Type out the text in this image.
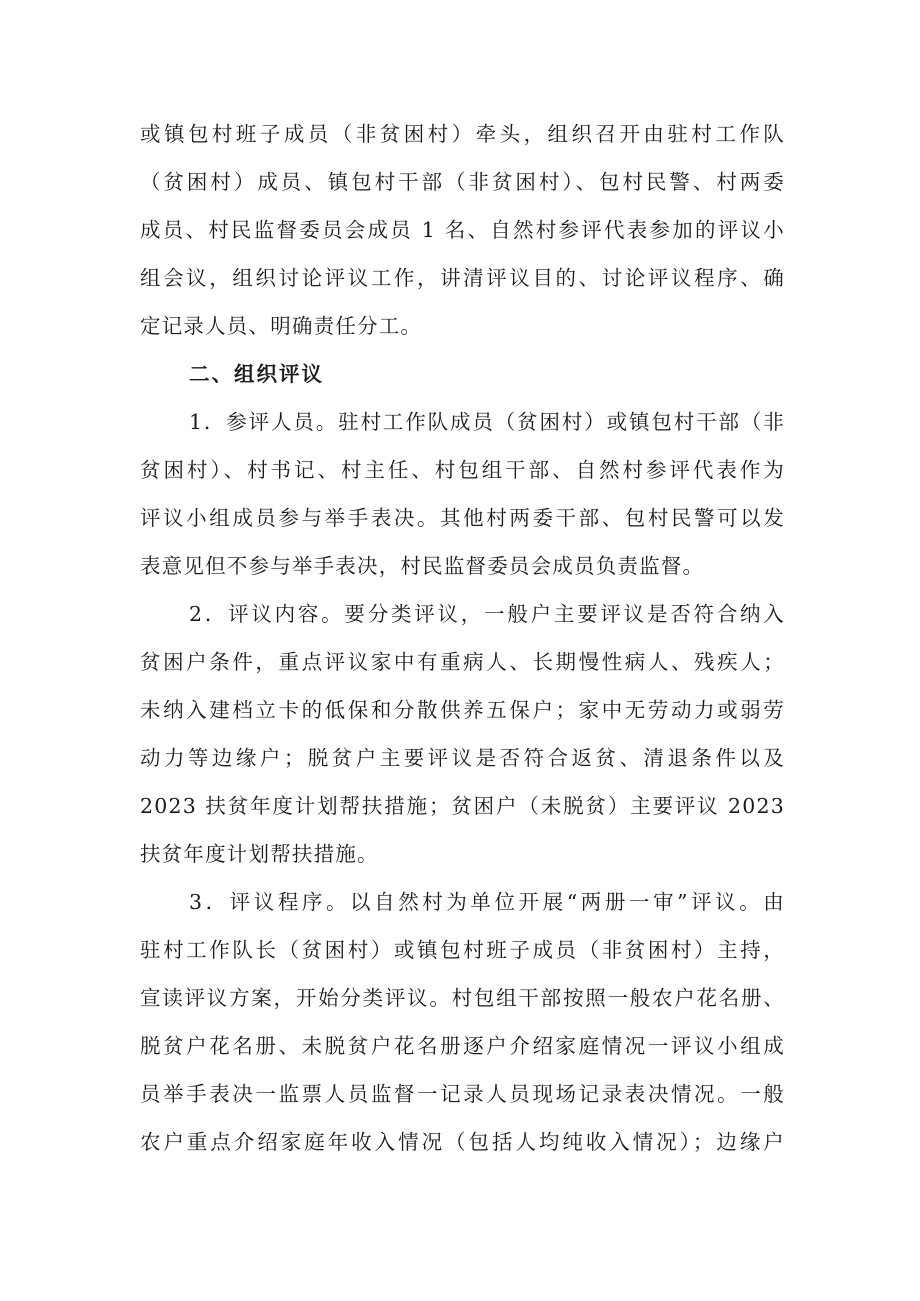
或镇包村班子成员（非贫困村）牵头，组织召开由驻村工作队
（贫困村）成员、镇包村干部（非贫困村）、包村民警、村两委
成员、村民监督委员会成员 1 名、自然村参评代表参加的评议小
组会议，组织讨论评议工作，讲清评议目的、讨论评议程序、确
定记录人员、明确责任分工。
二、组织评议
1．参评人员。驻村工作队成员（贫困村）或镇包村干部（非
贫困村）、村书记、村主任、村包组干部、自然村参评代表作为
评议小组成员参与举手表决。其他村两委干部、包村民警可以发
表意见但不参与举手表决，村民监督委员会成员负责监督。
2．评议内容。要分类评议，一般户主要评议是否符合纳入
贫困户条件，重点评议家中有重病人、长期慢性病人、残疾人；
未纳入建档立卡的低保和分散供养五保户；家中无劳动力或弱劳
动力等边缘户；脱贫户主要评议是否符合返贫、清退条件以及
2023 扶贫年度计划帮扶措施；贫困户（未脱贫）主要评议 2023
扶贫年度计划帮扶措施。
3．评议程序。以自然村为单位开展“两册一审”评议。由
驻村工作队长（贫困村）或镇包村班子成员（非贫困村）主持，
宣读评议方案，开始分类评议。村包组干部按照一般农户花名册、
脱贫户花名册、未脱贫户花名册逐户介绍家庭情况一评议小组成
员举手表决一监票人员监督一记录人员现场记录表决情况。一般
农户重点介绍家庭年收入情况（包括人均纯收入情况）；边缘户
